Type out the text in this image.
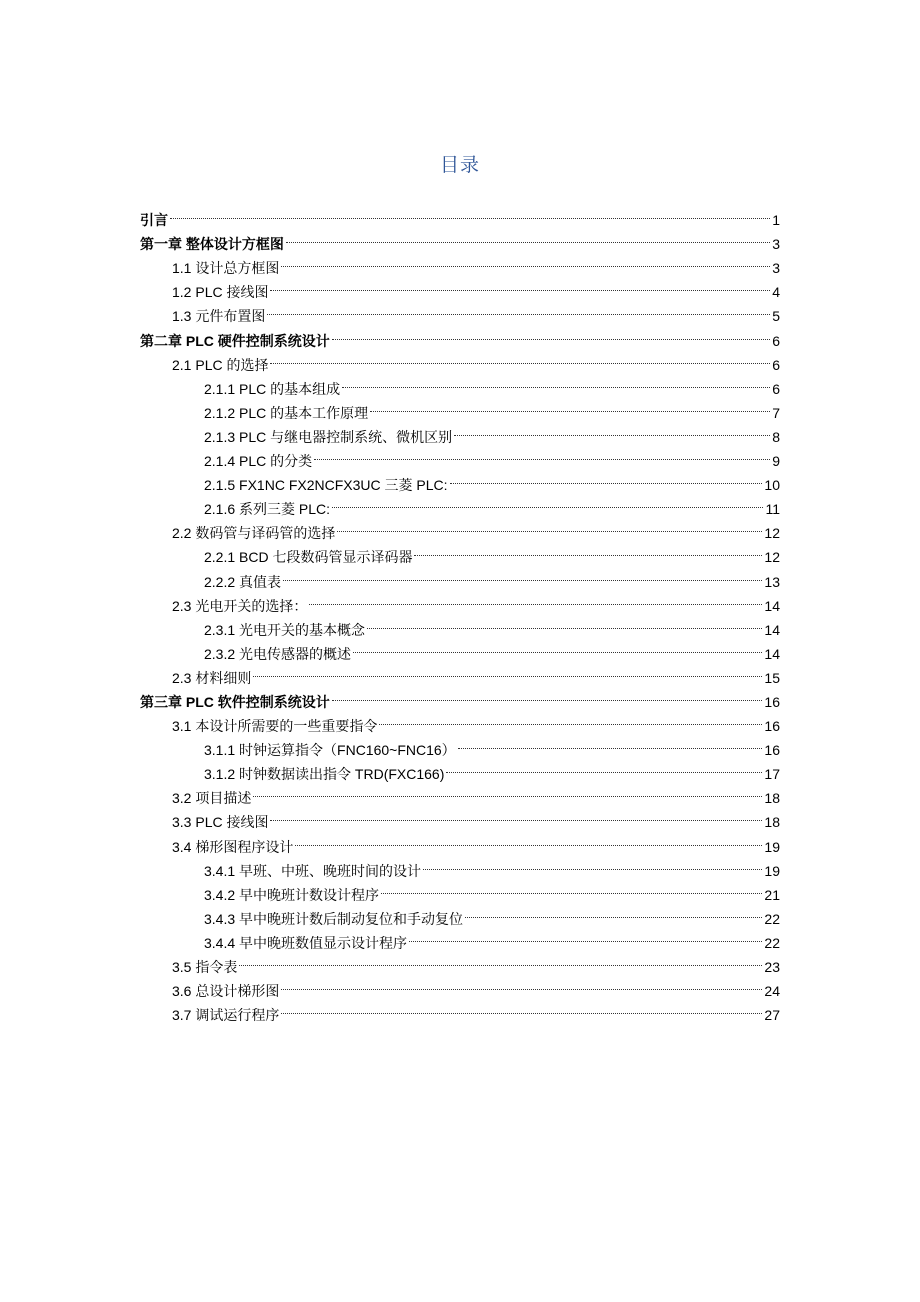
目录
引言	1
第一章 整体设计方框图	3
1.1 设计总方框图	3
1.2 PLC 接线图	4
1.3 元件布置图	5
第二章 PLC 硬件控制系统设计	6
2.1 PLC 的选择	6
2.1.1 PLC 的基本组成	6
2.1.2 PLC 的基本工作原理	7
2.1.3 PLC 与继电器控制系统、微机区别	8
2.1.4 PLC 的分类	9
2.1.5 FX1NC FX2NCFX3UC 三菱 PLC:	10
2.1.6 系列三菱 PLC:	11
2.2 数码管与译码管的选择	12
2.2.1 BCD 七段数码管显示译码器	12
2.2.2 真值表	13
2.3 光电开关的选择：	14
2.3.1 光电开关的基本概念	14
2.3.2 光电传感器的概述	14
2.3 材料细则	15
第三章 PLC 软件控制系统设计	16
3.1 本设计所需要的一些重要指令	16
3.1.1 时钟运算指令（FNC160~FNC16）	16
3.1.2 时钟数据读出指令 TRD(FXC166)	17
3.2 项目描述	18
3.3 PLC 接线图	18
3.4 梯形图程序设计	19
3.4.1 早班、中班、晚班时间的设计	19
3.4.2 早中晚班计数设计程序	21
3.4.3 早中晚班计数后制动复位和手动复位	22
3.4.4 早中晚班数值显示设计程序	22
3.5 指令表	23
3.6 总设计梯形图	24
3.7 调试运行程序	27
